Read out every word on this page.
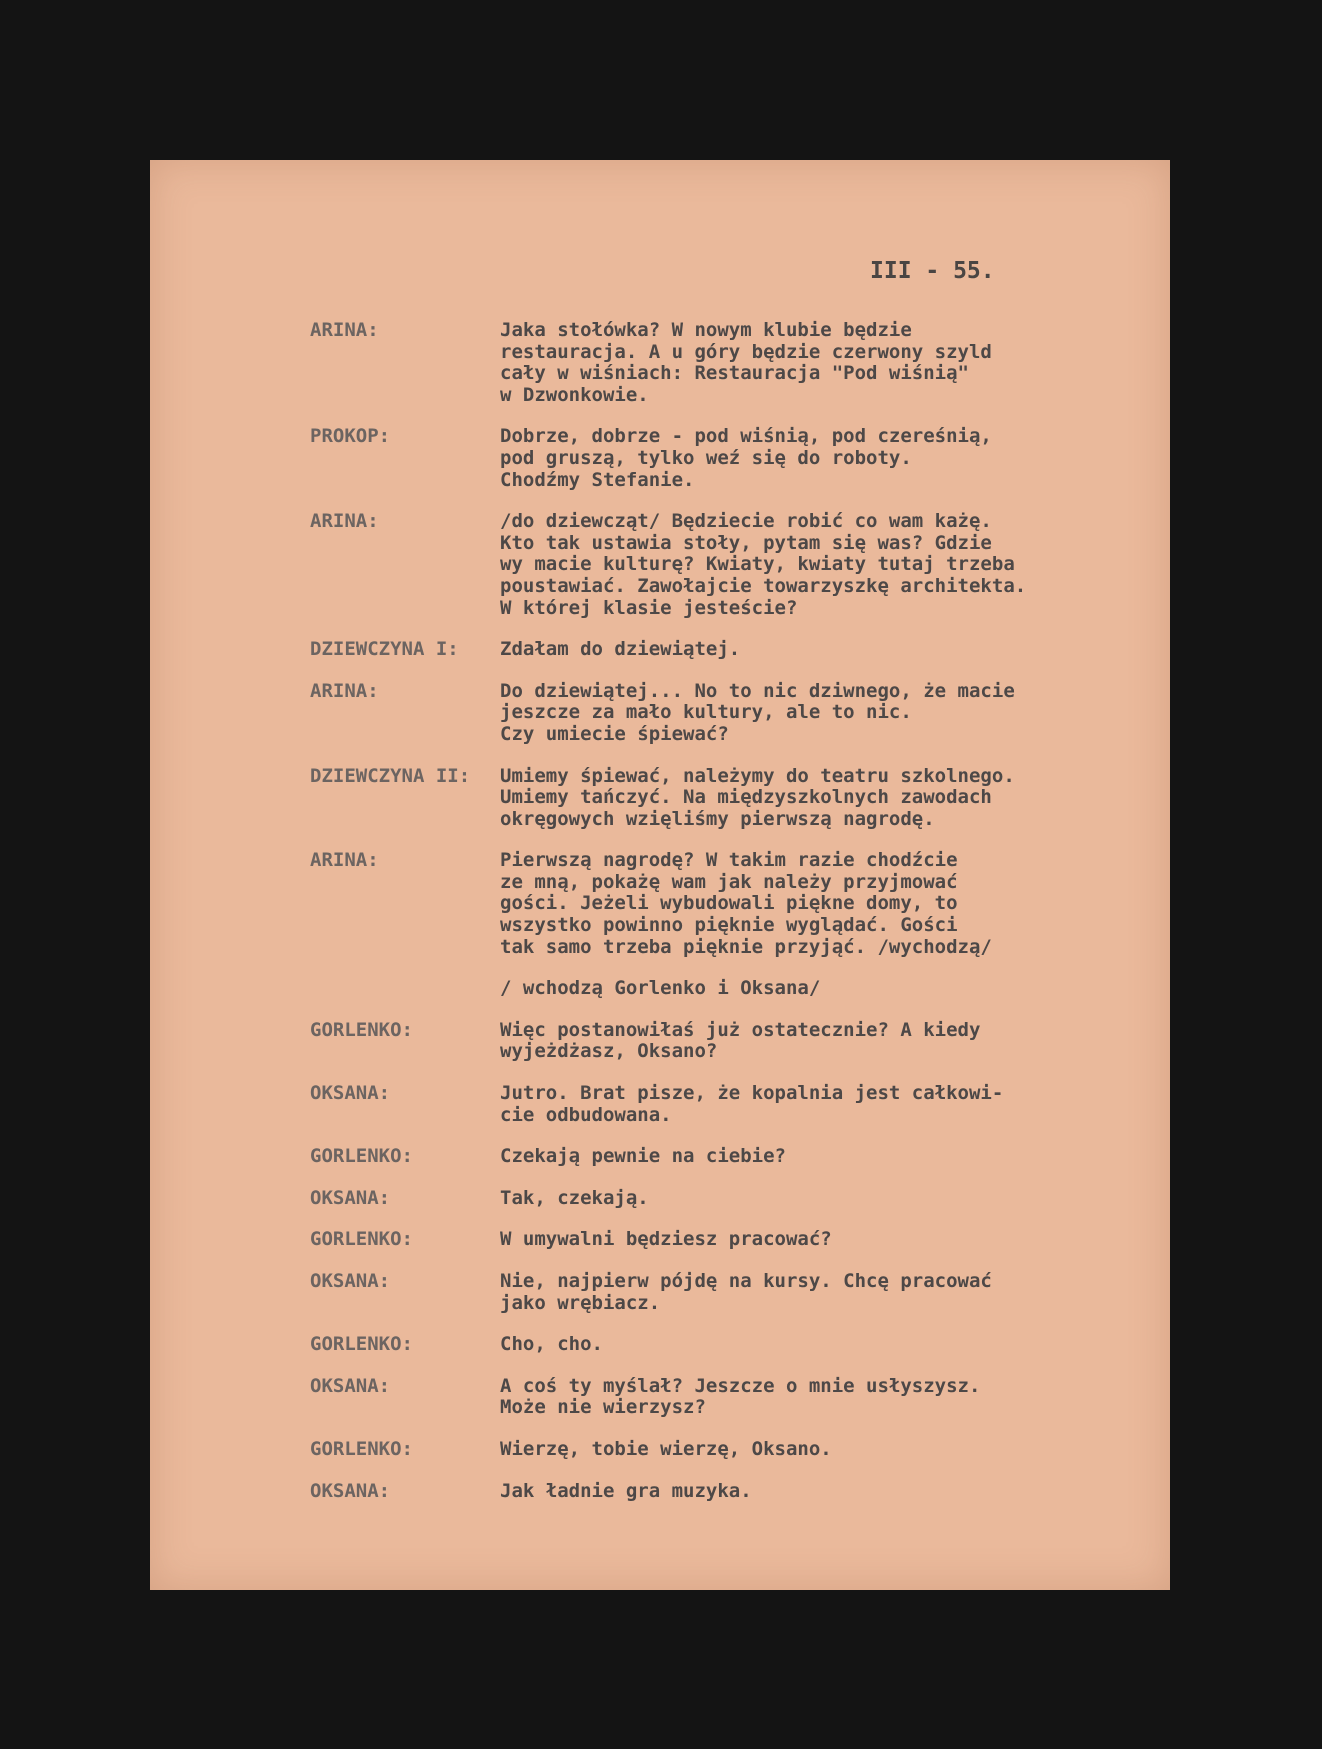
III - 55.
ARINA:	Jaka stołówka? W nowym klubie będzie
restauracja. A u góry będzie czerwony szyld
cały w wiśniach: Restauracja "Pod wiśnią"
w Dzwonkowie.
PROKOP:	Dobrze, dobrze - pod wiśnią, pod czereśnią,
pod gruszą, tylko weź się do roboty.
Chodźmy Stefanie.
ARINA:	/do dziewcząt/ Będziecie robić co wam każę.
Kto tak ustawia stoły, pytam się was? Gdzie
wy macie kulturę? Kwiaty, kwiaty tutaj trzeba
poustawiać. Zawołajcie towarzyszkę architekta.
W której klasie jesteście?
DZIEWCZYNA I:	Zdałam do dziewiątej.
ARINA:	Do dziewiątej... No to nic dziwnego, że macie
jeszcze za mało kultury, ale to nic.
Czy umiecie śpiewać?
DZIEWCZYNA II:	Umiemy śpiewać, należymy do teatru szkolnego.
Umiemy tańczyć. Na międzyszkolnych zawodach
okręgowych wzięliśmy pierwszą nagrodę.
ARINA:	Pierwszą nagrodę? W takim razie chodźcie
ze mną, pokażę wam jak należy przyjmować
gości. Jeżeli wybudowali piękne domy, to
wszystko powinno pięknie wyglądać. Gości
tak samo trzeba pięknie przyjąć. /wychodzą/
/ wchodzą Gorlenko i Oksana/
GORLENKO:	Więc postanowiłaś już ostatecznie? A kiedy
wyjeżdżasz, Oksano?
OKSANA:	Jutro. Brat pisze, że kopalnia jest całkowi-
cie odbudowana.
GORLENKO:	Czekają pewnie na ciebie?
OKSANA:	Tak, czekają.
GORLENKO:	W umywalni będziesz pracować?
OKSANA:	Nie, najpierw pójdę na kursy. Chcę pracować
jako wrębiacz.
GORLENKO:	Cho, cho.
OKSANA:	A coś ty myślał? Jeszcze o mnie usłyszysz.
Może nie wierzysz?
GORLENKO:	Wierzę, tobie wierzę, Oksano.
OKSANA:	Jak ładnie gra muzyka.
